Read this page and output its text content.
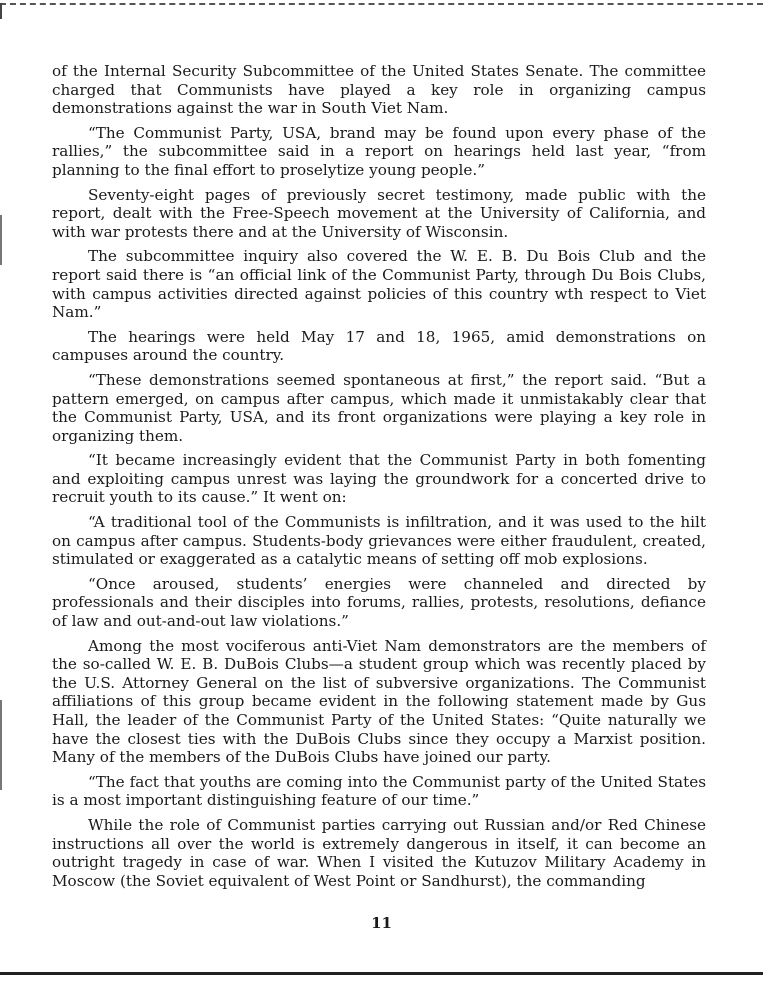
of the Internal Security Subcommittee of the United States Senate. The committee charged that Communists have played a key role in organizing campus demonstrations against the war in South Viet Nam.

“The Communist Party, USA, brand may be found upon every phase of the rallies,” the subcommittee said in a report on hearings held last year, “from planning to the final effort to proselytize young people.”

Seventy-eight pages of previously secret testimony, made public with the report, dealt with the Free-Speech movement at the University of California, and with war protests there and at the University of Wisconsin.

The subcommittee inquiry also covered the W. E. B. Du Bois Club and the report said there is “an official link of the Communist Party, through Du Bois Clubs, with campus activities directed against policies of this country wth respect to Viet Nam.”

The hearings were held May 17 and 18, 1965, amid demonstrations on campuses around the country.

“These demonstrations seemed spontaneous at first,” the report said. “But a pattern emerged, on campus after campus, which made it unmistakably clear that the Communist Party, USA, and its front organizations were playing a key role in organizing them.

“It became increasingly evident that the Communist Party in both fomenting and exploiting campus unrest was laying the groundwork for a concerted drive to recruit youth to its cause.” It went on:

“A traditional tool of the Communists is infiltration, and it was used to the hilt on campus after campus. Students-body grievances were either fraudulent, created, stimulated or exaggerated as a catalytic means of setting off mob explosions.

“Once aroused, students’ energies were channeled and directed by professionals and their disciples into forums, rallies, protests, resolutions, defiance of law and out-and-out law violations.”

Among the most vociferous anti-Viet Nam demonstrators are the members of the so-called W. E. B. DuBois Clubs—a student group which was recently placed by the U.S. Attorney General on the list of subversive organizations. The Communist affiliations of this group became evident in the following statement made by Gus Hall, the leader of the Communist Party of the United States: “Quite naturally we have the closest ties with the DuBois Clubs since they occupy a Marxist position. Many of the members of the DuBois Clubs have joined our party.

“The fact that youths are coming into the Communist party of the United States is a most important distinguishing feature of our time.”

While the role of Communist parties carrying out Russian and/or Red Chinese instructions all over the world is extremely dangerous in itself, it can become an outright tragedy in case of war. When I visited the Kutuzov Military Academy in Moscow (the Soviet equivalent of West Point or Sandhurst), the commanding

11
